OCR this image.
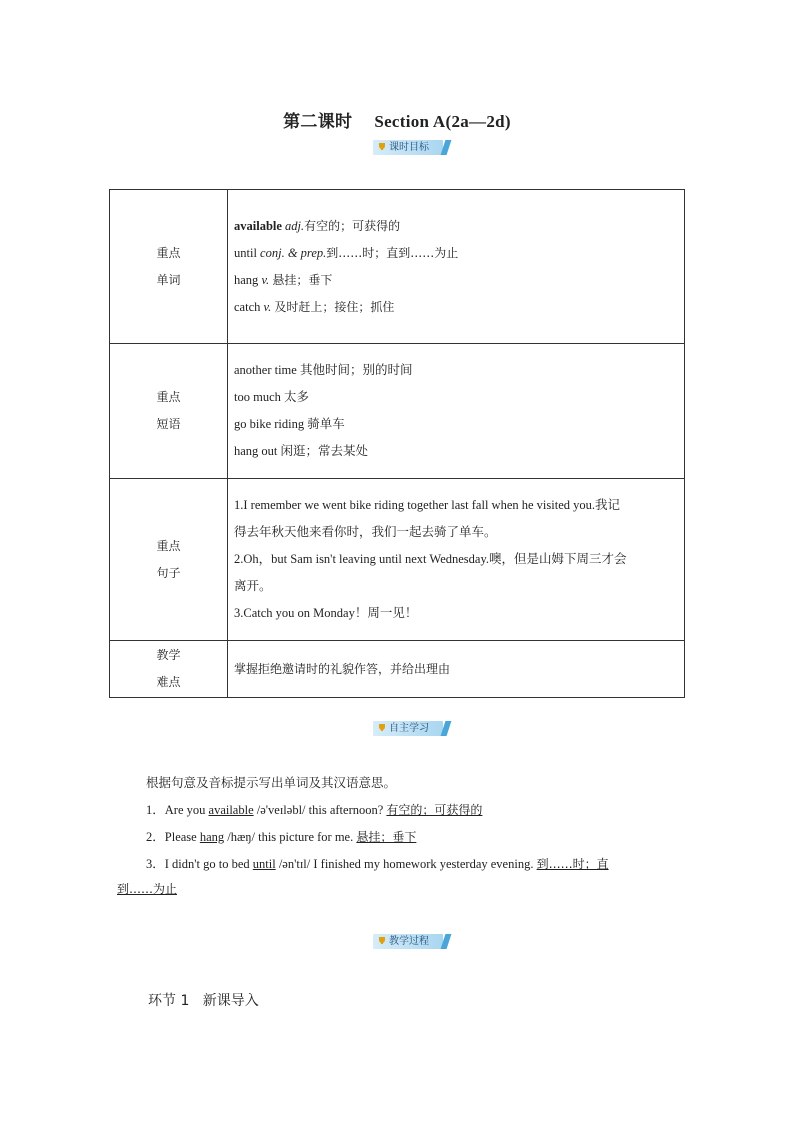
第二课时 Section A(2a—2d)
课时目标
重点
单词	available adj.有空的；可获得的
until conj. & prep.到……时；直到……为止
hang v. 悬挂；垂下
catch v. 及时赶上；接住；抓住

重点
短语	another time 其他时间；别的时间
too much 太多
go bike riding 骑单车
hang out 闲逛；常去某处

重点
句子	1.I remember we went bike riding together last fall when he visited you.我记
得去年秋天他来看你时，我们一起去骑了单车。
2.Oh，but Sam isn't leaving until next Wednesday.噢，但是山姆下周三才会
离开。
3.Catch you on Monday！周一见！

教学
难点	掌握拒绝邀请时的礼貌作答，并给出理由
自主学习
根据句意及音标提示写出单词及其汉语意思。
1．Are you available /ə'veɪləbl/ this afternoon? 有空的；可获得的
2．Please hang /hæŋ/ this picture for me. 悬挂；垂下
3．I didn't go to bed until /ən'tɪl/ I finished my homework yesterday evening. 到……时；直
到……为止
教学过程
环节 1 新课导入
